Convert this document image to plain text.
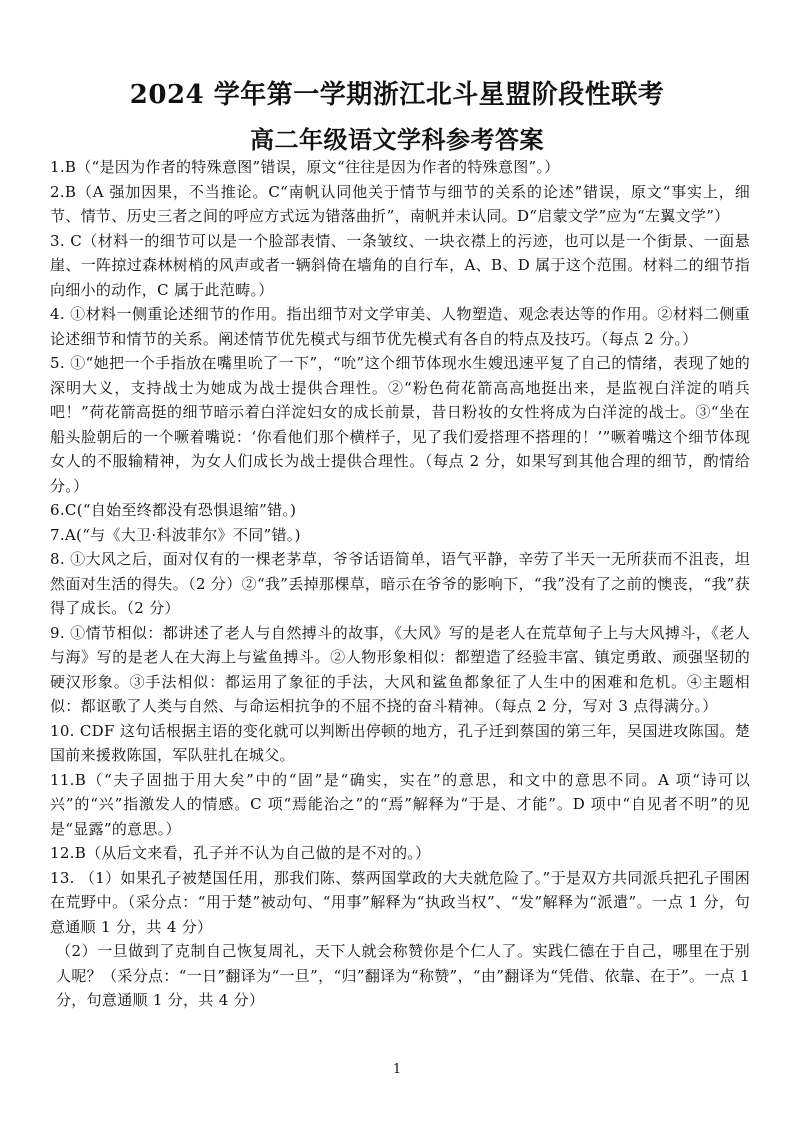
2024 学年第一学期浙江北斗星盟阶段性联考
高二年级语文学科参考答案

1.B（“是因为作者的特殊意图”错误，原文“往往是因为作者的特殊意图”。）

2.B（A 强加因果，不当推论。C“南帆认同他关于情节与细节的关系的论述”错误，原文“事实上，细节、情节、历史三者之间的呼应方式远为错落曲折”，南帆并未认同。D“启蒙文学”应为“左翼文学”）

3. C（材料一的细节可以是一个脸部表情、一条皱纹、一块衣襟上的污迹，也可以是一个街景、一面悬崖、一阵掠过森林树梢的风声或者一辆斜倚在墙角的自行车，A、B、D 属于这个范围。材料二的细节指向细小的动作，C 属于此范畴。）

4. ①材料一侧重论述细节的作用。指出细节对文学审美、人物塑造、观念表达等的作用。②材料二侧重论述细节和情节的关系。阐述情节优先模式与细节优先模式有各自的特点及技巧。（每点 2 分。）

5. ①“她把一个手指放在嘴里吮了一下”，“吮”这个细节体现水生嫂迅速平复了自己的情绪，表现了她的深明大义，支持战士为她成为战士提供合理性。②“粉色荷花箭高高地挺出来，是监视白洋淀的哨兵吧！”荷花箭高挺的细节暗示着白洋淀妇女的成长前景，昔日粉妆的女性将成为白洋淀的战士。③“坐在船头脸朝后的一个噘着嘴说：‘你看他们那个横样子，见了我们爱搭理不搭理的！’”噘着嘴这个细节体现女人的不服输精神，为女人们成长为战士提供合理性。（每点 2 分，如果写到其他合理的细节，酌情给分。）

6.C(“自始至终都没有恐惧退缩”错。)

7.A(“与《大卫·科波菲尔》不同”错。)

8. ①大风之后，面对仅有的一棵老茅草，爷爷话语简单，语气平静，辛劳了半天一无所获而不沮丧，坦然面对生活的得失。（2 分）②“我”丢掉那棵草，暗示在爷爷的影响下，“我”没有了之前的懊丧，“我”获得了成长。（2 分）

9. ①情节相似：都讲述了老人与自然搏斗的故事，《大风》写的是老人在荒草甸子上与大风搏斗，《老人与海》写的是老人在大海上与鲨鱼搏斗。②人物形象相似：都塑造了经验丰富、镇定勇敢、顽强坚韧的硬汉形象。③手法相似：都运用了象征的手法，大风和鲨鱼都象征了人生中的困难和危机。④主题相似：都讴歌了人类与自然、与命运相抗争的不屈不挠的奋斗精神。（每点 2 分，写对 3 点得满分。）

10. CDF 这句话根据主语的变化就可以判断出停顿的地方，孔子迁到蔡国的第三年，吴国进攻陈国。楚国前来援救陈国，军队驻扎在城父。

11.B（“夫子固拙于用大矣”中的“固”是“确实，实在”的意思，和文中的意思不同。A 项“诗可以兴”的“兴”指激发人的情感。C 项“焉能治之”的“焉”解释为“于是、才能”。D 项中“自见者不明”的见是“显露”的意思。）

12.B（从后文来看，孔子并不认为自己做的是不对的。）

13. （1）如果孔子被楚国任用，那我们陈、蔡两国掌政的大夫就危险了。”于是双方共同派兵把孔子围困在荒野中。（采分点：“用于楚”被动句、“用事”解释为“执政当权”、“发”解释为“派遣”。一点 1 分，句意通顺 1 分，共 4 分）

（2）一旦做到了克制自己恢复周礼，天下人就会称赞你是个仁人了。实践仁德在于自己，哪里在于别人呢？（采分点：“一日”翻译为“一旦”，“归”翻译为“称赞”，“由”翻译为“凭借、依靠、在于”。一点 1 分，句意通顺 1 分，共 4 分）

1
